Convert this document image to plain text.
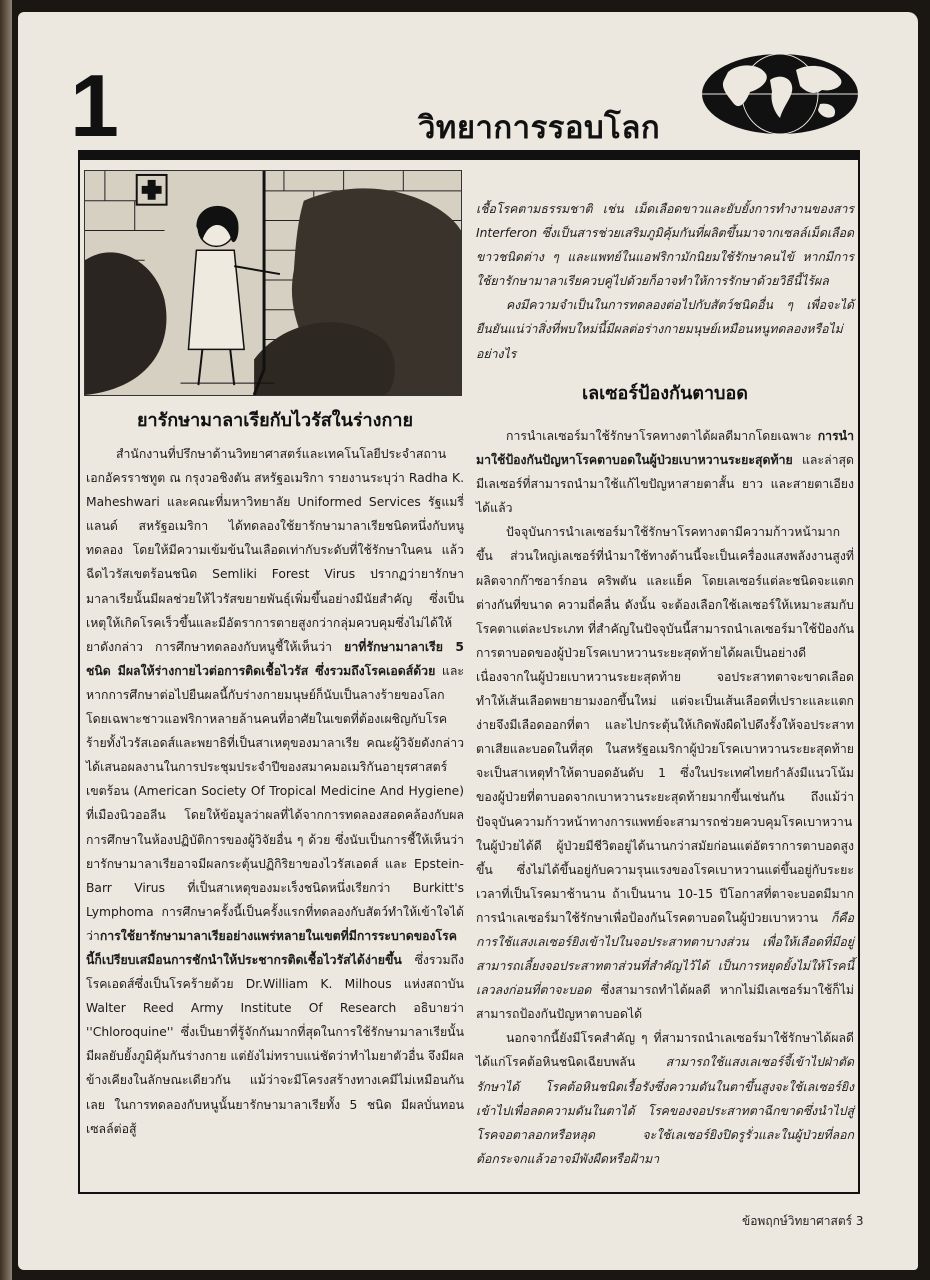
1	วิทยาการรอบโลก
ยารักษามาลาเรียกับไวรัสในร่างกาย

สำนักงานที่ปรึกษาด้านวิทยาศาสตร์และเทคโนโลยีประจำสถานเอกอัครราชทูต ณ กรุงวอชิงตัน สหรัฐอเมริกา รายงานระบุว่า Radha K. Maheshwari และคณะที่มหาวิทยาลัย Uniformed Services รัฐแมรี่แลนด์ สหรัฐอเมริกา ได้ทดลองใช้ยารักษามาลาเรียชนิดหนึ่งกับหนูทดลอง โดยให้มีความเข้มข้นในเลือดเท่ากับระดับที่ใช้รักษาในคน แล้วฉีดไวรัสเขตร้อนชนิด Semliki Forest Virus ปรากฏว่ายารักษามาลาเรียนั้นมีผลช่วยให้ไวรัสขยายพันธุ์เพิ่มขึ้นอย่างมีนัยสำคัญ ซึ่งเป็นเหตุให้เกิดโรคเร็วขึ้นและมีอัตราการตายสูงกว่ากลุ่มควบคุมซึ่งไม่ได้ให้ยาดังกล่าว การศึกษาทดลองกับหนูชี้ให้เห็นว่า ยาที่รักษามาลาเรีย 5 ชนิด มีผลให้ร่างกายไวต่อการติดเชื้อไวรัส ซึ่งรวมถึงโรคเอดส์ด้วย และหากการศึกษาต่อไปยืนผลนี้กับร่างกายมนุษย์ก็นับเป็นลางร้ายของโลก โดยเฉพาะชาวแอฟริกาหลายล้านคนที่อาศัยในเขตที่ต้องเผชิญกับโรคร้ายทั้งไวรัสเอดส์และพยาธิที่เป็นสาเหตุของมาลาเรีย คณะผู้วิจัยดังกล่าวได้เสนอผลงานในการประชุมประจำปีของสมาคมอเมริกันอายุรศาสตร์เขตร้อน (American Society Of Tropical Medicine And Hygiene) ที่เมืองนิวออลีน โดยให้ข้อมูลว่าผลที่ได้จากการทดลองสอดคล้องกับผลการศึกษาในห้องปฏิบัติการของผู้วิจัยอื่น ๆ ด้วย ซึ่งนับเป็นการชี้ให้เห็นว่ายารักษามาลาเรียอาจมีผลกระตุ้นปฏิกิริยาของไวรัสเอดส์ และ Epstein-Barr Virus ที่เป็นสาเหตุของมะเร็งชนิดหนึ่งเรียกว่า Burkitt's Lymphoma การศึกษาครั้งนี้เป็นครั้งแรกที่ทดลองกับสัตว์ทำให้เข้าใจได้ว่าการใช้ยารักษามาลาเรียอย่างแพร่หลายในเขตที่มีการระบาดของโรคนี้ก็เปรียบเสมือนการชักนำให้ประชากรติดเชื้อไวรัสได้ง่ายขึ้น ซึ่งรวมถึงโรคเอดส์ซึ่งเป็นโรคร้ายด้วย Dr.William K. Milhous แห่งสถาบัน Walter Reed Army Institute Of Research อธิบายว่า ''Chloroquine'' ซึ่งเป็นยาที่รู้จักกันมากที่สุดในการใช้รักษามาลาเรียนั้น มีผลยับยั้งภูมิคุ้มกันร่างกาย แต่ยังไม่ทราบแน่ชัดว่าทำไมยาตัวอื่น จึงมีผลข้างเคียงในลักษณะเดียวกัน แม้ว่าจะมีโครงสร้างทางเคมีไม่เหมือนกันเลย ในการทดลองกับหนูนั้นยารักษามาลาเรียทั้ง 5 ชนิด มีผลบั่นทอนเซลล์ต่อสู้

เชื้อโรคตามธรรมชาติ เช่น เม็ดเลือดขาวและยับยั้งการทำงานของสาร Interferon ซึ่งเป็นสารช่วยเสริมภูมิคุ้มกันที่ผลิตขึ้นมาจากเซลล์เม็ดเลือดขาวชนิดต่าง ๆ และแพทย์ในแอฟริกามักนิยมใช้รักษาคนไข้ หากมีการใช้ยารักษามาลาเรียควบคู่ไปด้วยก็อาจทำให้การรักษาด้วยวิธีนี้ไร้ผล

คงมีความจำเป็นในการทดลองต่อไปกับสัตว์ชนิดอื่น ๆ เพื่อจะได้ยืนยันแน่ว่าสิ่งที่พบใหม่นี้มีผลต่อร่างกายมนุษย์เหมือนหนูทดลองหรือไม่อย่างไร

เลเซอร์ป้องกันตาบอด

การนำเลเซอร์มาใช้รักษาโรคทางตาได้ผลดีมากโดยเฉพาะ การนำมาใช้ป้องกันปัญหาโรคตาบอดในผู้ป่วยเบาหวานระยะสุดท้าย และล่าสุดมีเลเซอร์ที่สามารถนำมาใช้แก้ไขปัญหาสายตาสั้น ยาว และสายตาเอียงได้แล้ว

ปัจจุบันการนำเลเซอร์มาใช้รักษาโรคทางตามีความก้าวหน้ามากขึ้น ส่วนใหญ่เลเซอร์ที่นำมาใช้ทางด้านนี้จะเป็นเครื่องแสงพลังงานสูงที่ผลิตจากก๊าซอาร์กอน คริพตัน และแย็ค โดยเลเซอร์แต่ละชนิดจะแตกต่างกันที่ขนาด ความถี่คลื่น ดังนั้น จะต้องเลือกใช้เลเซอร์ให้เหมาะสมกับโรคตาแต่ละประเภท ที่สำคัญในปัจจุบันนี้สามารถนำเลเซอร์มาใช้ป้องกันการตาบอดของผู้ป่วยโรคเบาหวานระยะสุดท้ายได้ผลเป็นอย่างดี เนื่องจากในผู้ป่วยเบาหวานระยะสุดท้าย จอประสาทตาจะขาดเลือด ทำให้เส้นเลือดพยายามงอกขึ้นใหม่ แต่จะเป็นเส้นเลือดที่เปราะและแตกง่ายจึงมีเลือดออกที่ตา และไปกระตุ้นให้เกิดพังผืดไปดึงรั้งให้จอประสาทตาเสียและบอดในที่สุด ในสหรัฐอเมริกาผู้ป่วยโรคเบาหวานระยะสุดท้ายจะเป็นสาเหตุทำให้ตาบอดอันดับ 1 ซึ่งในประเทศไทยกำลังมีแนวโน้มของผู้ป่วยที่ตาบอดจากเบาหวานระยะสุดท้ายมากขึ้นเช่นกัน ถึงแม้ว่าปัจจุบันความก้าวหน้าทางการแพทย์จะสามารถช่วยควบคุมโรคเบาหวานในผู้ป่วยได้ดี ผู้ป่วยมีชีวิตอยู่ได้นานกว่าสมัยก่อนแต่อัตราการตาบอดสูงขึ้น ซึ่งไม่ได้ขึ้นอยู่กับความรุนแรงของโรคเบาหวานแต่ขึ้นอยู่กับระยะเวลาที่เป็นโรคมาช้านาน ถ้าเป็นนาน 10-15 ปีโอกาสที่ตาจะบอดมีมาก การนำเลเซอร์มาใช้รักษาเพื่อป้องกันโรคตาบอดในผู้ป่วยเบาหวาน ก็คือการใช้แสงเลเซอร์ยิงเข้าไปในจอประสาทตาบางส่วน เพื่อให้เลือดที่มีอยู่สามารถเลี้ยงจอประสาทตาส่วนที่สำคัญไว้ได้ เป็นการหยุดยั้งไม่ให้โรคนี้เลวลงก่อนที่ตาจะบอด ซึ่งสามารถทำได้ผลดี หากไม่มีเลเซอร์มาใช้ก็ไม่สามารถป้องกันปัญหาตาบอดได้

นอกจากนี้ยังมีโรคสำคัญ ๆ ที่สามารถนำเลเซอร์มาใช้รักษาได้ผลดี ได้แก่โรคต้อหินชนิดเฉียบพลัน สามารถใช้แสงเลเซอร์จี้เข้าไปฝ่าตัดรักษาได้ โรคต้อหินชนิดเรื้อรังซึ่งความดันในตาขึ้นสูงจะใช้เลเซอร์ยิงเข้าไปเพื่อลดความดันในตาได้ โรคของจอประสาทตาฉีกขาดซึ่งนำไปสู่โรคจอตาลอกหรือหลุด จะใช้เลเซอร์ยิงปิดรูรั่วและในผู้ป่วยที่ลอกต้อกระจกแล้วอาจมีพังผืดหรือฝ้ามา

ข้อพฤกษ์วิทยาศาสตร์ 3
